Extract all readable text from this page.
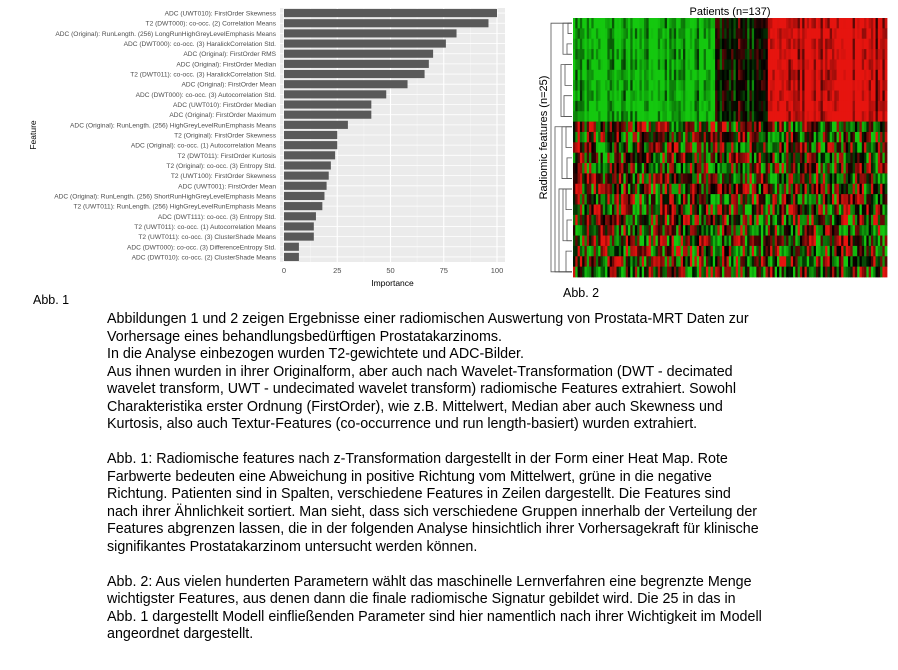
0	25	50	75	100
ADC (UWT010): FirstOrder Skewness
T2 (DWT000): co-occ. (2) Correlation Means
ADC (Original): RunLength. (256) LongRunHighGreyLevelEmphasis Means
ADC (DWT000): co-occ. (3) HaralickCorrelation Std.
ADC (Original): FirstOrder RMS
ADC (Original): FirstOrder Median
T2 (DWT011): co-occ. (3) HaralickCorrelation Std.
ADC (Original): FirstOrder Mean
ADC (DWT000): co-occ. (3) Autocorrelation Std.
ADC (UWT010): FirstOrder Median
ADC (Original): FirstOrder Maximum
ADC (Original): RunLength. (256) HighGreyLevelRunEmphasis Means
T2 (Original): FirstOrder Skewness
ADC (Original): co-occ. (1) Autocorrelation Means
T2 (DWT011): FirstOrder Kurtosis
T2 (Original): co-occ. (3) Entropy Std.
T2 (UWT100): FirstOrder Skewness
ADC (UWT001): FirstOrder Mean
ADC (Original): RunLength. (256) ShortRunHighGreyLevelEmphasis Means
T2 (UWT011): RunLength. (256) HighGreyLevelRunEmphasis Means
ADC (DWT111): co-occ. (3) Entropy Std.
T2 (UWT011): co-occ. (1) Autocorrelation Means
T2 (UWT011): co-occ. (3) ClusterShade Means
ADC (DWT000): co-occ. (3) DifferenceEntropy Std.
ADC (DWT010): co-occ. (2) ClusterShade Means
Importance
Feature
Abb. 1
Patients (n=137)
Radiomic features (n=25)
Abb. 2

Abbildungen 1 und 2 zeigen Ergebnisse einer radiomischen Auswertung von Prostata-MRT Daten zur

Vorhersage eines behandlungsbedürftigen Prostatakarzinoms.

In die Analyse einbezogen wurden T2-gewichtete und ADC-Bilder.

Aus ihnen wurden in ihrer Originalform, aber auch nach Wavelet-Transformation (DWT - decimated

wavelet transform, UWT - undecimated wavelet transform) radiomische Features extrahiert. Sowohl

Charakteristika erster Ordnung (FirstOrder), wie z.B. Mittelwert, Median aber auch Skewness und

Kurtosis, also auch Textur-Features (co-occurrence und run length-basiert) wurden extrahiert.

Abb. 1: Radiomische features nach z-Transformation dargestellt in der Form einer Heat Map. Rote

Farbwerte bedeuten eine Abweichung in positive Richtung vom Mittelwert, grüne in die negative

Richtung. Patienten sind in Spalten, verschiedene Features in Zeilen dargestellt. Die Features sind

nach ihrer Ähnlichkeit sortiert. Man sieht, dass sich verschiedene Gruppen innerhalb der Verteilung der

Features abgrenzen lassen, die in der folgenden Analyse hinsichtlich ihrer Vorhersagekraft für klinische

signifikantes Prostatakarzinom untersucht werden können.

Abb. 2: Aus vielen hunderten Parametern wählt das maschinelle Lernverfahren eine begrenzte Menge

wichtigster Features, aus denen dann die finale radiomische Signatur gebildet wird. Die 25 in das in

Abb. 1 dargestellt Modell einfließenden Parameter sind hier namentlich nach ihrer Wichtigkeit im Modell

angeordnet dargestellt.
